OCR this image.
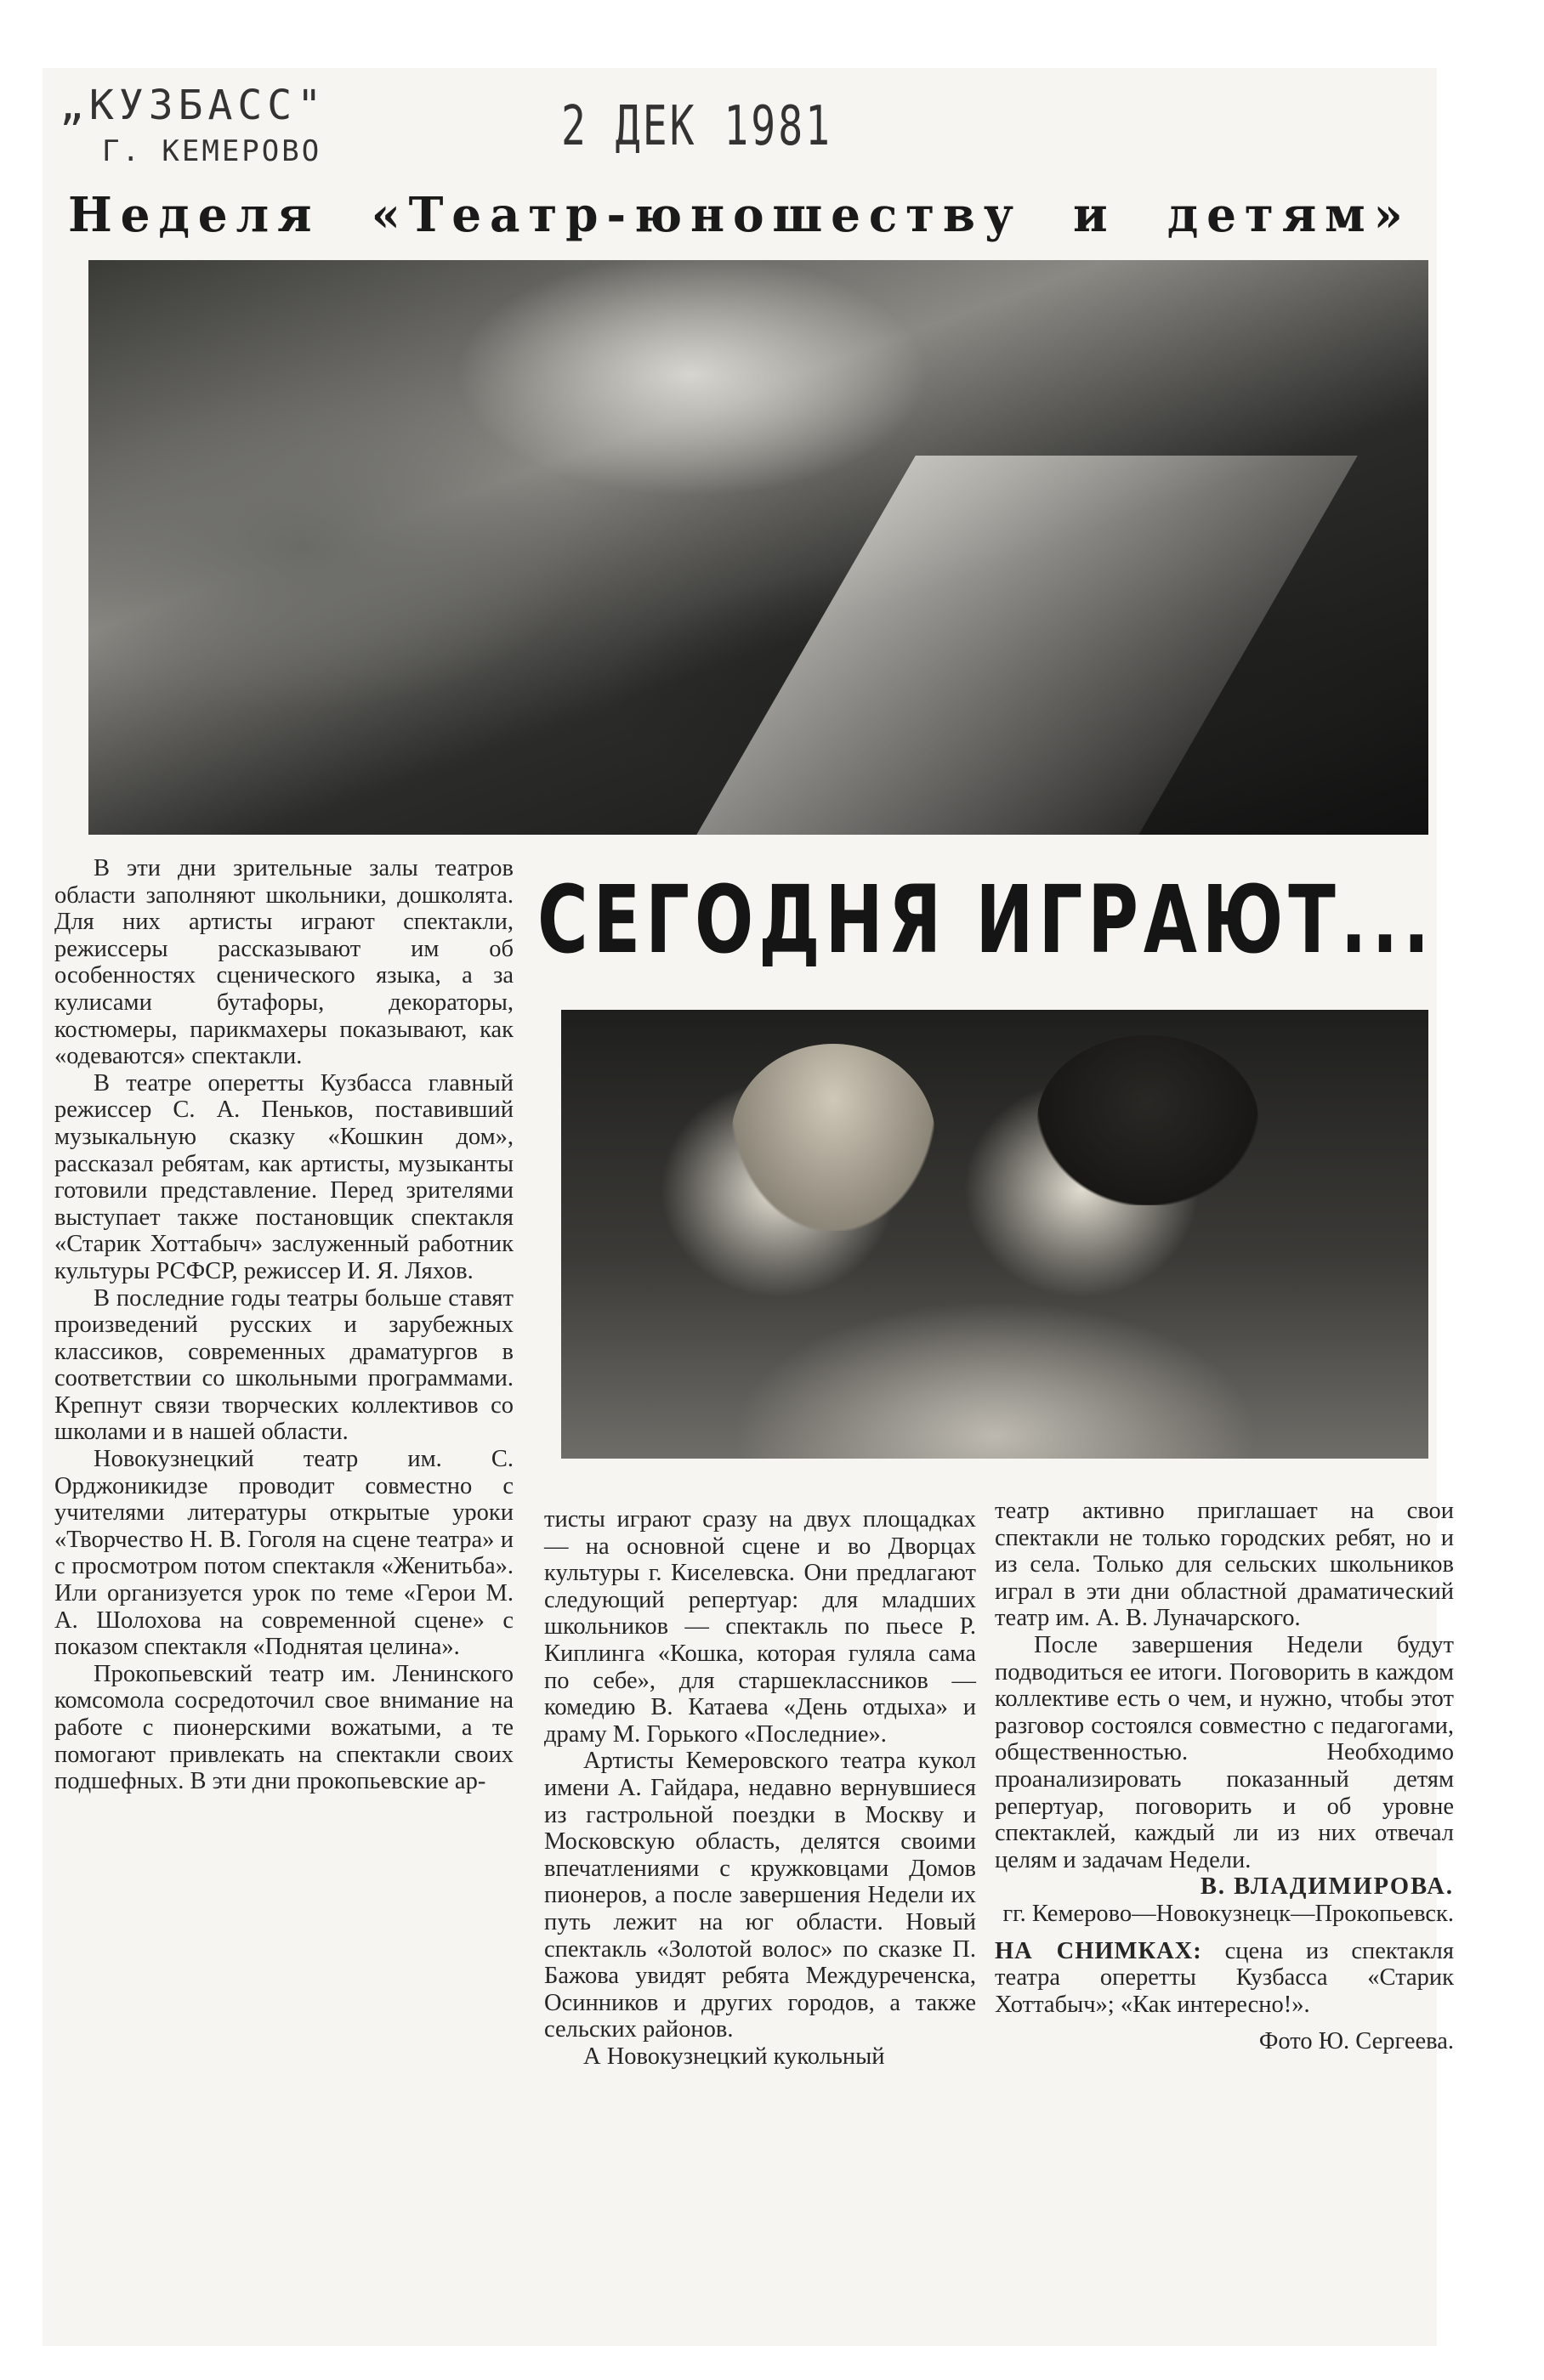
„КУЗБАСС"
Г. КЕМЕРОВО	2 ДЕК 1981
Неделя «Театр-юношеству и детям»
СЕГОДНЯ ИГРАЮТ...

В эти дни зрительные залы театров области заполняют школьники, дошколята. Для них артисты играют спектакли, режиссеры рассказывают им об особенностях сценического языка, а за кулисами бутафоры, декораторы, костюмеры, парикмахеры показывают, как «одеваются» спектакли.

В театре оперетты Кузбасса главный режиссер С. А. Пеньков, поставивший музыкальную сказку «Кошкин дом», рассказал ребятам, как артисты, музыканты готовили представление. Перед зрителями выступает также постановщик спектакля «Старик Хоттабыч» заслуженный работник культуры РСФСР, режиссер И. Я. Ляхов.

В последние годы театры больше ставят произведений русских и зарубежных классиков, современных драматургов в соответствии со школьными программами. Крепнут связи творческих коллективов со школами и в нашей области.

Новокузнецкий театр им. С. Орджоникидзе проводит совместно с учителями литературы открытые уроки «Творчество Н. В. Гоголя на сцене театра» и с просмотром потом спектакля «Женитьба». Или организуется урок по теме «Герои М. А. Шолохова на современной сцене» с показом спектакля «Поднятая целина».

Прокопьевский театр им. Ленинского комсомола сосредоточил свое внимание на работе с пионерскими вожатыми, а те помогают привлекать на спектакли своих подшефных. В эти дни прокопьевские ар-

тисты играют сразу на двух площадках — на основной сцене и во Дворцах культуры г. Киселевска. Они предлагают следующий репертуар: для младших школьников — спектакль по пьесе Р. Киплинга «Кошка, которая гуляла сама по себе», для старшеклассников — комедию В. Катаева «День отдыха» и драму М. Горького «Последние».

Артисты Кемеровского театра кукол имени А. Гайдара, недавно вернувшиеся из гастрольной поездки в Москву и Московскую область, делятся своими впечатлениями с кружковцами Домов пионеров, а после завершения Недели их путь лежит на юг области. Новый спектакль «Золотой волос» по сказке П. Бажова увидят ребята Междуреченска, Осинников и других городов, а также сельских районов.

А Новокузнецкий кукольный

театр активно приглашает на свои спектакли не только городских ребят, но и из села. Только для сельских школьников играл в эти дни областной драматический театр им. А. В. Луначарского.

После завершения Недели будут подводиться ее итоги. Поговорить в каждом коллективе есть о чем, и нужно, чтобы этот разговор состоялся совместно с педагогами, общественностью. Необходимо проанализировать показанный детям репертуар, поговорить и об уровне спектаклей, каждый ли из них отвечал целям и задачам Недели.

В. ВЛАДИМИРОВА.

гг. Кемерово—Новокузнецк—Прокопьевск.

НА СНИМКАХ: сцена из спектакля театра оперетты Кузбасса «Старик Хоттабыч»; «Как интересно!».

Фото Ю. Сергеева.
